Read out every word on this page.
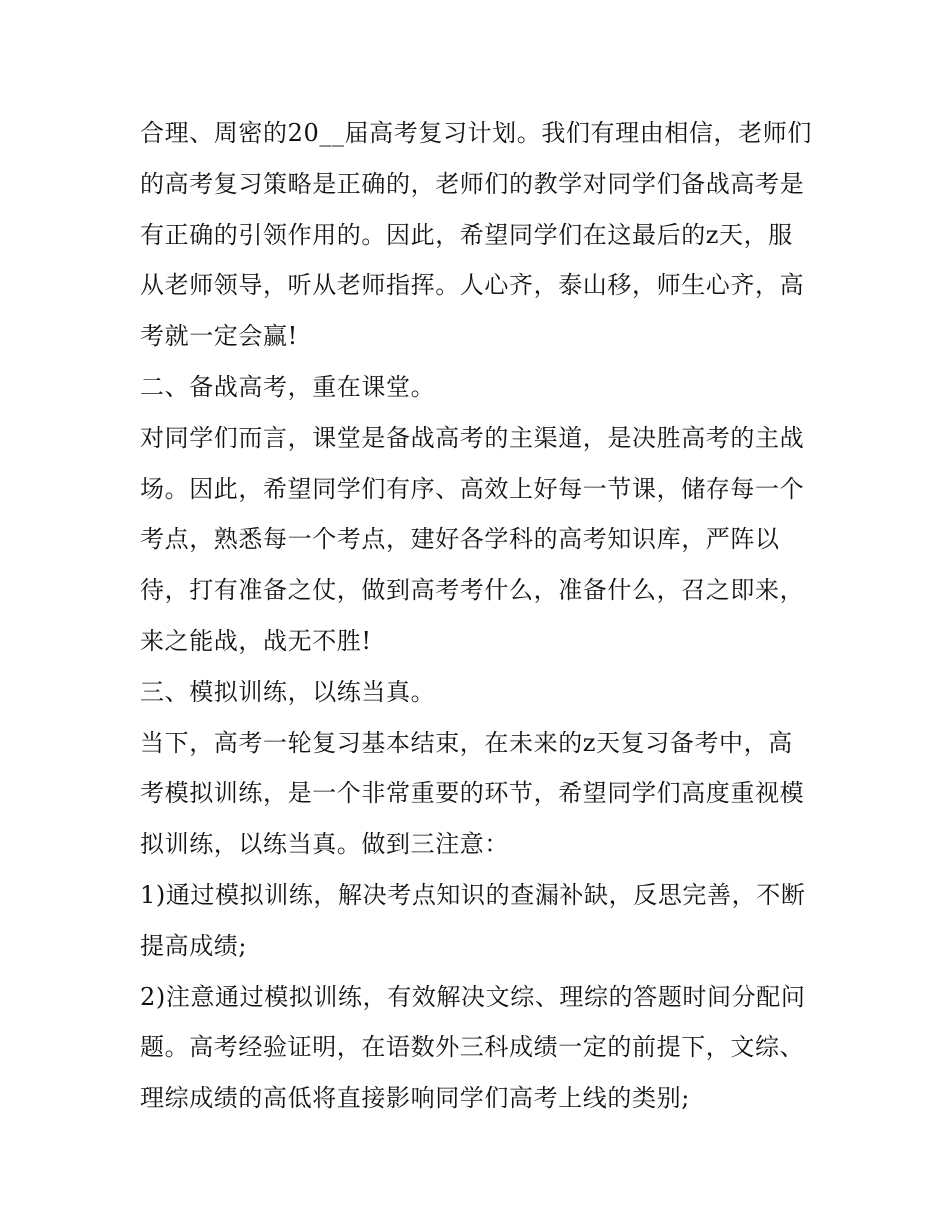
合理、周密的20__届高考复习计划。我们有理由相信，老师们
的高考复习策略是正确的，老师们的教学对同学们备战高考是
有正确的引领作用的。因此，希望同学们在这最后的z天，服
从老师领导，听从老师指挥。人心齐，泰山移，师生心齐，高
考就一定会赢!
二、备战高考，重在课堂。
对同学们而言，课堂是备战高考的主渠道，是决胜高考的主战
场。因此，希望同学们有序、高效上好每一节课，储存每一个
考点，熟悉每一个考点，建好各学科的高考知识库，严阵以
待，打有准备之仗，做到高考考什么，准备什么，召之即来，
来之能战，战无不胜!
三、模拟训练，以练当真。
当下，高考一轮复习基本结束，在未来的z天复习备考中，高
考模拟训练，是一个非常重要的环节，希望同学们高度重视模
拟训练，以练当真。做到三注意：
1)通过模拟训练，解决考点知识的查漏补缺，反思完善，不断
提高成绩;
2)注意通过模拟训练，有效解决文综、理综的答题时间分配问
题。高考经验证明，在语数外三科成绩一定的前提下，文综、
理综成绩的高低将直接影响同学们高考上线的类别;
